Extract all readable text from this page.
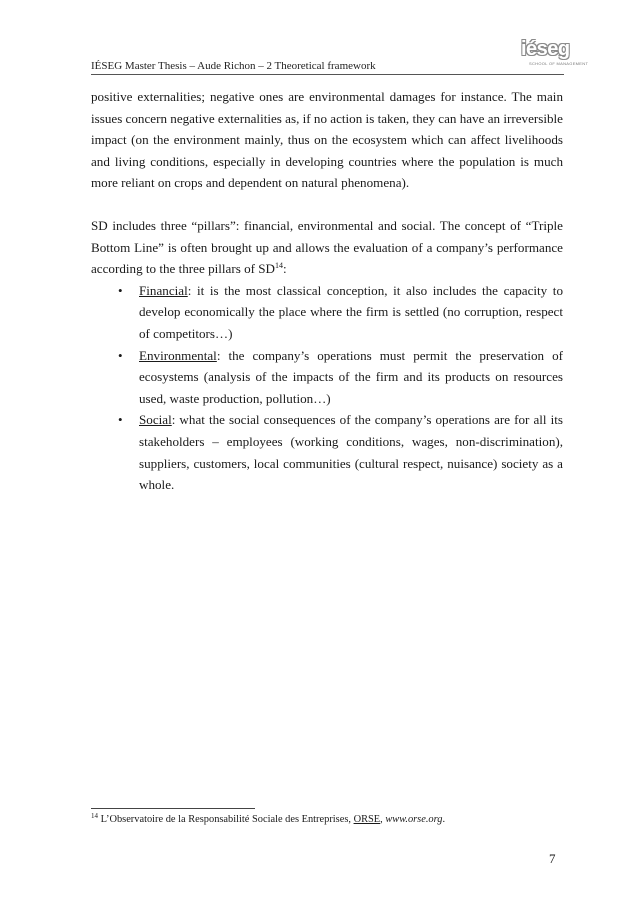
IÉSEG Master Thesis – Aude Richon – 2 Theoretical framework
iéseg
SCHOOL OF MANAGEMENT

positive externalities; negative ones are environmental damages for instance. The main issues concern negative externalities as, if no action is taken, they can have an irreversible impact (on the environment mainly, thus on the ecosystem which can affect livelihoods and living conditions, especially in developing countries where the population is much more reliant on crops and dependent on natural phenomena).

SD includes three “pillars”: financial, environmental and social. The concept of “Triple Bottom Line” is often brought up and allows the evaluation of a company’s performance according to the three pillars of SD$^{14}$:

• Financial: it is the most classical conception, it also includes the capacity to develop economically the place where the firm is settled (no corruption, respect of competitors…)
• Environmental: the company’s operations must permit the preservation of ecosystems (analysis of the impacts of the firm and its products on resources used, waste production, pollution…)
• Social: what the social consequences of the company’s operations are for all its stakeholders – employees (working conditions, wages, non-discrimination), suppliers, customers, local communities (cultural respect, nuisance) society as a whole.
$^{14}$ L’Observatoire de la Responsabilité Sociale des Entreprises, ORSE, www.orse.org.
7
